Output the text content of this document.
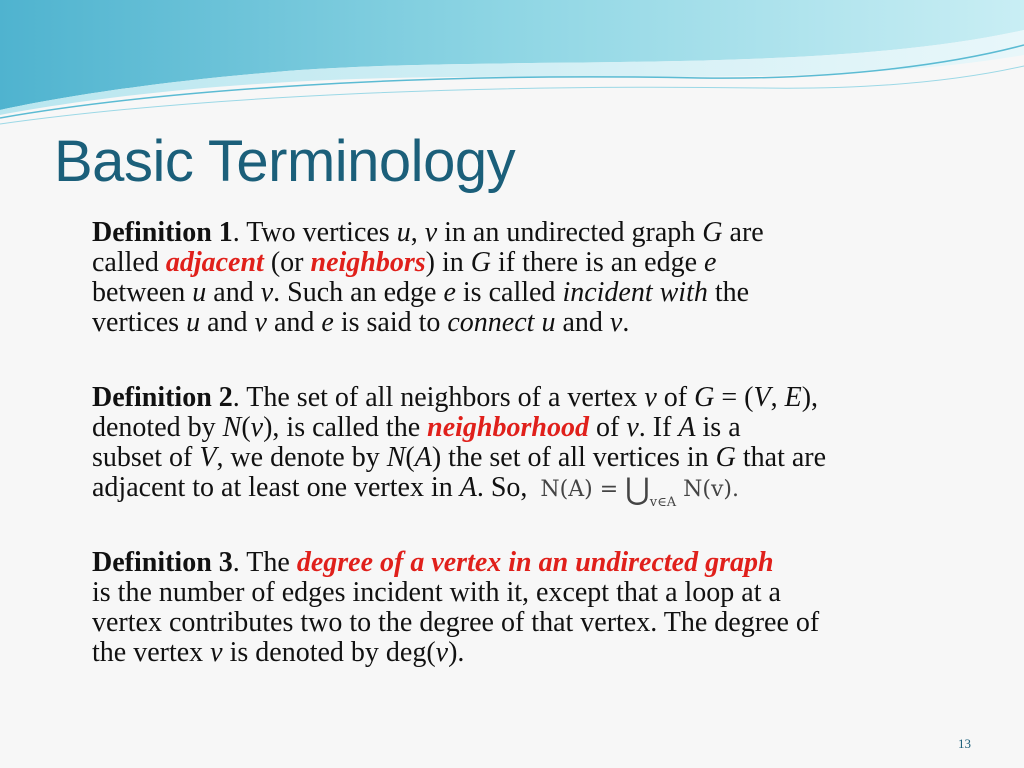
Basic Terminology
Definition 1. Two vertices u, v in an undirected graph G are
called adjacent (or neighbors) in G if there is an edge e
between u and v. Such an edge e is called incident with the
vertices u and v and e is said to connect u and v.
Definition 2. The set of all neighbors of a vertex v of G = (V, E),
denoted by N(v), is called the neighborhood of v. If A is a
subset of V, we denote by N(A) the set of all vertices in G that are
adjacent to at least one vertex in A. So, $N(A) = ⋃_{v\in A}$ N(v).
Definition 3. The degree of a vertex in an undirected graph
is the number of edges incident with it, except that a loop at a
vertex contributes two to the degree of that vertex. The degree of
the vertex v is denoted by deg(v).
13
